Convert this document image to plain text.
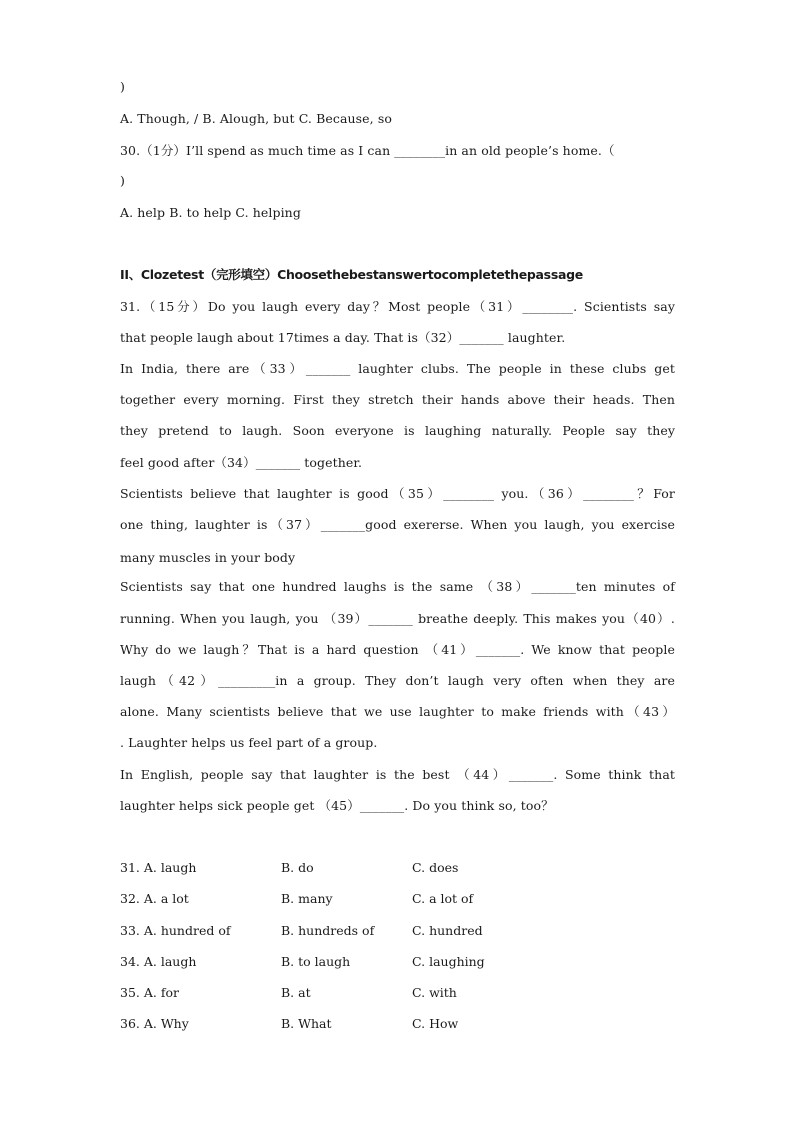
)
A. Though, / B. Alough, but C. Because, so
30.（1分）I’ll spend as much time as I can ________in an old people’s home.（
)
A. help B. to help C. helping
II、Clozetest（完形填空）Choosethebestanswertocompletethepassage
31.（15分）Do you laugh every day？Most people（31）________. Scientists say
that people laugh about 17times a day. That is（32）_______ laughter.
In India, there are（33）_______ laughter clubs. The people in these clubs get
together every morning. First they stretch their hands above their heads. Then
they pretend to laugh. Soon everyone is laughing naturally. People say they
feel good after（34）_______ together.
Scientists believe that laughter is good（35）________ you.（36）________？For
one thing, laughter is（37）_______good exererse. When you laugh, you exercise
many muscles in your body
Scientists say that one hundred laughs is the same （38）_______ten minutes of
running. When you laugh, you （39）_______ breathe deeply. This makes you（40）.
Why do we laugh？That is a hard question （41）_______. We know that people
laugh（42）_________in a group. They don’t laugh very often when they are
alone. Many scientists believe that we use laughter to make friends with（43）
. Laughter helps us feel part of a group.
In English, people say that laughter is the best （44）_______. Some think that
laughter helps sick people get （45）_______. Do you think so, too？
31. A. laugh	B. do	C. does
32. A. a lot	B. many	C. a lot of
33. A. hundred of	B. hundreds of	C. hundred
34. A. laugh	B. to laugh	C. laughing
35. A. for	B. at	C. with
36. A. Why	B. What	C. How
